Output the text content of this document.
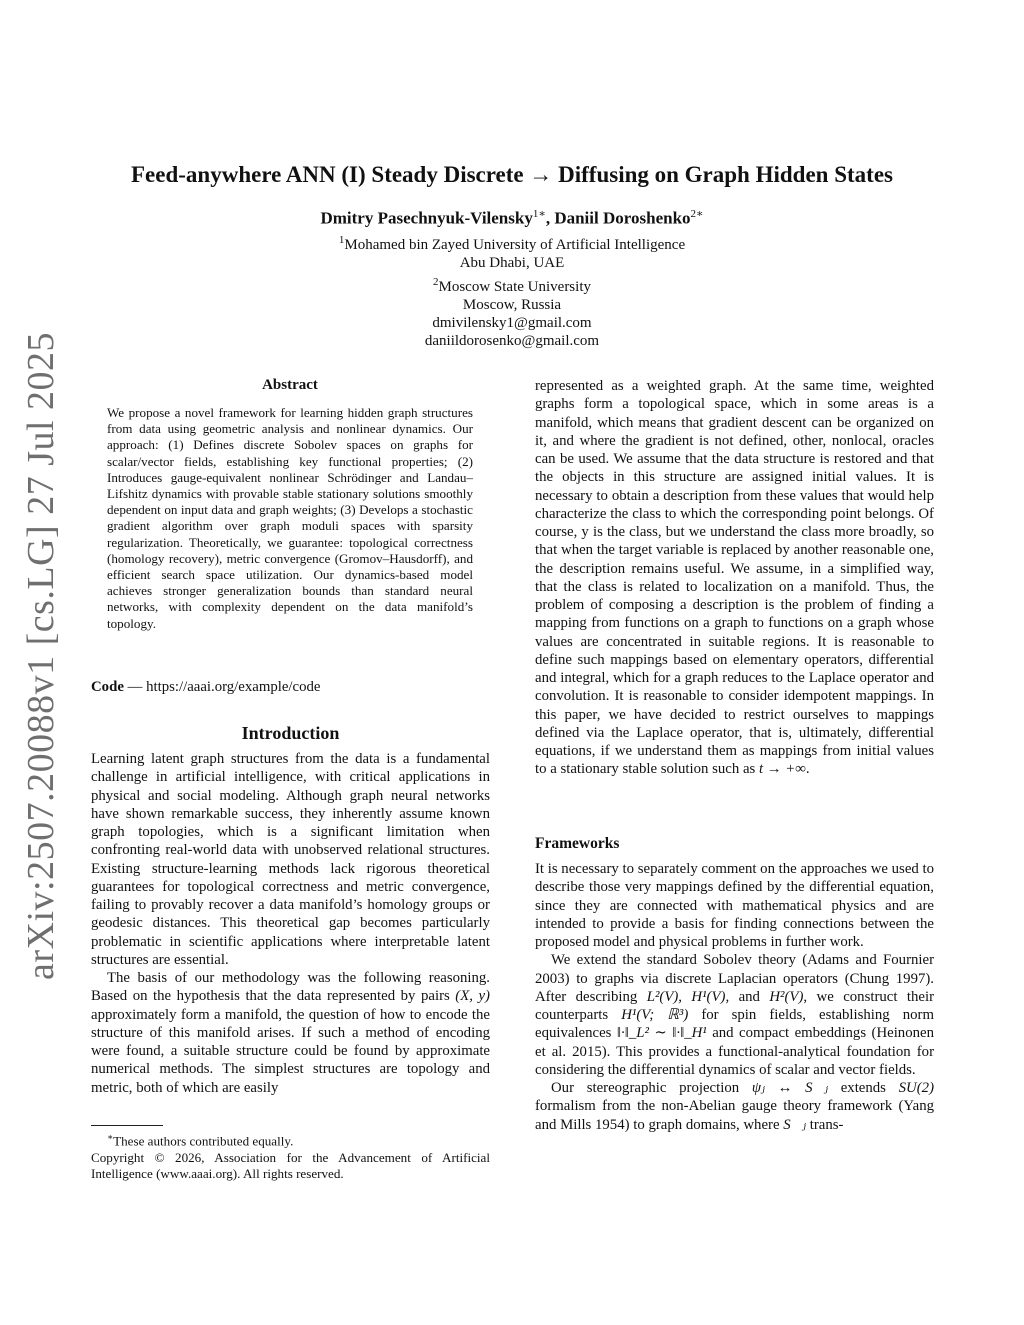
arXiv:2507.20088v1 [cs.LG] 27 Jul 2025
Feed-anywhere ANN (I) Steady Discrete → Diffusing on Graph Hidden States
Dmitry Pasechnyuk-Vilensky$^{1∗}$, Daniil Doroshenko$^{2∗}$
$^1$Mohamed bin Zayed University of Artificial Intelligence
Abu Dhabi, UAE
$^2$Moscow State University
Moscow, Russia
dmivilensky1@gmail.com
daniildorosenko@gmail.com
Abstract
We propose a novel framework for learning hidden graph structures from data using geometric analysis and nonlinear dynamics. Our approach: (1) Defines discrete Sobolev spaces on graphs for scalar/vector fields, establishing key functional properties; (2) Introduces gauge-equivalent nonlinear Schrödinger and Landau–Lifshitz dynamics with provable stable stationary solutions smoothly dependent on input data and graph weights; (3) Develops a stochastic gradient algorithm over graph moduli spaces with sparsity regularization. Theoretically, we guarantee: topological correctness (homology recovery), metric convergence (Gromov–Hausdorff), and efficient search space utilization. Our dynamics-based model achieves stronger generalization bounds than standard neural networks, with complexity dependent on the data manifold’s topology.
Code — https://aaai.org/example/code
Introduction

Learning latent graph structures from the data is a fundamental challenge in artificial intelligence, with critical applications in physical and social modeling. Although graph neural networks have shown remarkable success, they inherently assume known graph topologies, which is a significant limitation when confronting real-world data with unobserved relational structures. Existing structure-learning methods lack rigorous theoretical guarantees for topological correctness and metric convergence, failing to provably recover a data manifold’s homology groups or geodesic distances. This theoretical gap becomes particularly problematic in scientific applications where interpretable latent structures are essential.

The basis of our methodology was the following reasoning. Based on the hypothesis that the data represented by pairs (X, y) approximately form a manifold, the question of how to encode the structure of this manifold arises. If such a method of encoding were found, a suitable structure could be found by approximate numerical methods. The simplest structures are topology and metric, both of which are easily

∗These authors contributed equally.
Copyright © 2026, Association for the Advancement of Artificial Intelligence (www.aaai.org). All rights reserved.

represented as a weighted graph. At the same time, weighted graphs form a topological space, which in some areas is a manifold, which means that gradient descent can be organized on it, and where the gradient is not defined, other, nonlocal, oracles can be used. We assume that the data structure is restored and that the objects in this structure are assigned initial values. It is necessary to obtain a description from these values that would help characterize the class to which the corresponding point belongs. Of course, y is the class, but we understand the class more broadly, so that when the target variable is replaced by another reasonable one, the description remains useful. We assume, in a simplified way, that the class is related to localization on a manifold. Thus, the problem of composing a description is the problem of finding a mapping from functions on a graph to functions on a graph whose values are concentrated in suitable regions. It is reasonable to define such mappings based on elementary operators, differential and integral, which for a graph reduces to the Laplace operator and convolution. It is reasonable to consider idempotent mappings. In this paper, we have decided to restrict ourselves to mappings defined via the Laplace operator, that is, ultimately, differential equations, if we understand them as mappings from initial values to a stationary stable solution such as t → +∞.

Frameworks

It is necessary to separately comment on the approaches we used to describe those very mappings defined by the differential equation, since they are connected with mathematical physics and are intended to provide a basis for finding connections between the proposed model and physical problems in further work.

We extend the standard Sobolev theory (Adams and Fournier 2003) to graphs via discrete Laplacian operators (Chung 1997). After describing L²(V), H¹(V), and H²(V), we construct their counterparts H¹(V; ℝ³) for spin fields, establishing norm equivalences ‖·‖_L² ∼ ‖·‖_H¹ and compact embeddings (Heinonen et al. 2015). This provides a functional-analytical foundation for considering the differential dynamics of scalar and vector fields.

Our stereographic projection ψⱼ ↔ S⃗ⱼ extends SU(2) formalism from the non-Abelian gauge theory framework (Yang and Mills 1954) to graph domains, where S⃗ⱼ trans-
